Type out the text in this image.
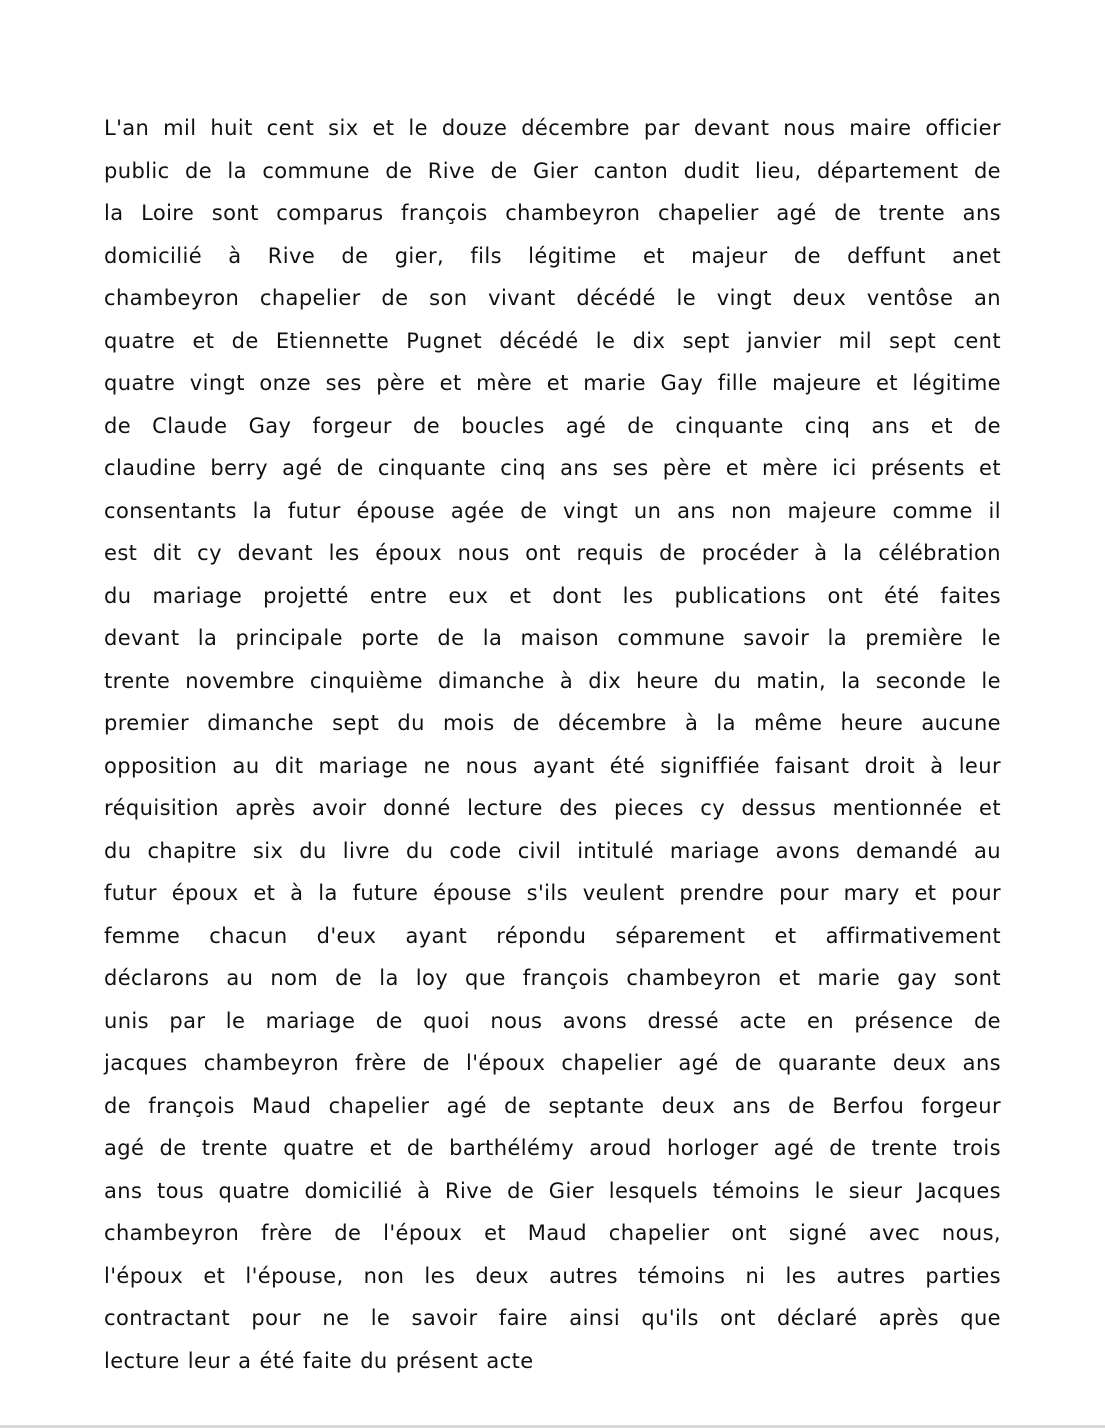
L'an mil huit cent six et le douze décembre par devant nous maire officier
public de la commune de Rive de Gier canton dudit lieu, département de
la Loire sont comparus françois chambeyron chapelier agé de trente ans
domicilié à Rive de gier, fils légitime et majeur de deffunt anet
chambeyron chapelier de son vivant décédé le vingt deux ventôse an
quatre et de Etiennette Pugnet décédé le dix sept janvier mil sept cent
quatre vingt onze ses père et mère et marie Gay fille majeure et légitime
de Claude Gay forgeur de boucles agé de cinquante cinq ans et de
claudine berry agé de cinquante cinq ans ses père et mère ici présents et
consentants la futur épouse agée de vingt un ans non majeure comme il
est dit cy devant les époux nous ont requis de procéder à la célébration
du mariage projetté entre eux et dont les publications ont été faites
devant la principale porte de la maison commune savoir la première le
trente novembre cinquième dimanche à dix heure du matin, la seconde le
premier dimanche sept du mois de décembre à la même heure aucune
opposition au dit mariage ne nous ayant été signiffiée faisant droit à leur
réquisition après avoir donné lecture des pieces cy dessus mentionnée et
du chapitre six du livre du code civil intitulé mariage avons demandé au
futur époux et à la future épouse s'ils veulent prendre pour mary et pour
femme chacun d'eux ayant répondu séparement et affirmativement
déclarons au nom de la loy que françois chambeyron et marie gay sont
unis par le mariage de quoi nous avons dressé acte en présence de
jacques chambeyron frère de l'époux chapelier agé de quarante deux ans
de françois Maud chapelier agé de septante deux ans de Berfou forgeur
agé de trente quatre et de barthélémy aroud horloger agé de trente trois
ans tous quatre domicilié à Rive de Gier lesquels témoins le sieur Jacques
chambeyron frère de l'époux et Maud chapelier ont signé avec nous,
l'époux et l'épouse, non les deux autres témoins ni les autres parties
contractant pour ne le savoir faire ainsi qu'ils ont déclaré après que
lecture leur a été faite du présent acte
